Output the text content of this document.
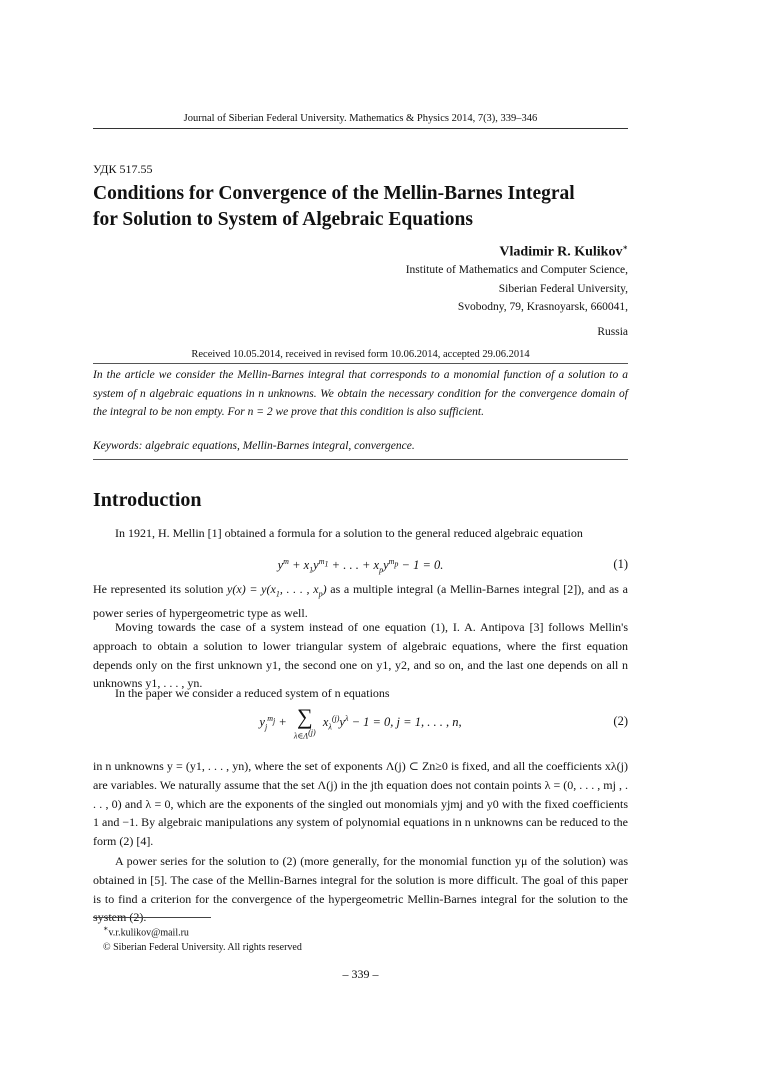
Journal of Siberian Federal University. Mathematics & Physics 2014, 7(3), 339–346
УДК 517.55
Conditions for Convergence of the Mellin-Barnes Integral
for Solution to System of Algebraic Equations
Vladimir R. Kulikov∗
Institute of Mathematics and Computer Science,
Siberian Federal University,
Svobodny, 79, Krasnoyarsk, 660041,
Russia
Received 10.05.2014, received in revised form 10.06.2014, accepted 29.06.2014
In the article we consider the Mellin-Barnes integral that corresponds to a monomial function of a solution to a system of n algebraic equations in n unknowns. We obtain the necessary condition for the convergence domain of the integral to be non empty. For n = 2 we prove that this condition is also sufficient.
Keywords: algebraic equations, Mellin-Barnes integral, convergence.
Introduction

In 1921, H. Mellin [1] obtained a formula for a solution to the general reduced algebraic equation

$y^m + x_1y^{m_1}$ + . . . + $x_py^{m_p} - 1 = 0$.	(1)
He represented its solution $y(x) = y(x_1$, . . . , $x_p$) as a multiple integral (a Mellin-Barnes integral [2]), and as a power series of hypergeometric type as well.

Moving towards the case of a system instead of one equation (1), I. A. Antipova [3] follows Mellin's approach to obtain a solution to lower triangular system of algebraic equations, where the first equation depends only on the first unknown y1, the second one on y1, y2, and so on, and the last one depends on all n unknowns y1, . . . , yn.

In the paper we consider a reduced system of n equations

$y_j^{m_j}$ + ∑
$\lambda\in\Lambda^{(j)}$
$x_\lambda^{(j)}y^\lambda - 1 = 0$, j = 1, . . . , n,	(2)
in n unknowns y = (y1, . . . , yn), where the set of exponents Λ(j) ⊂ Zn≥0 is fixed, and all the coefficients xλ(j) are variables. We naturally assume that the set Λ(j) in the jth equation does not contain points λ = (0, . . . , mj , . . . , 0) and λ = 0, which are the exponents of the singled out monomials yjmj and y0 with the fixed coefficients 1 and −1. By algebraic manipulations any system of polynomial equations in n unknowns can be reduced to the form (2) [4].

A power series for the solution to (2) (more generally, for the monomial function yμ of the solution) was obtained in [5]. The case of the Mellin-Barnes integral for the solution is more difficult. The goal of this paper is to find a criterion for the convergence of the hypergeometric Mellin-Barnes integral for the solution to the system (2).

∗v.r.kulikov@mail.ru
© Siberian Federal University. All rights reserved
– 339 –
